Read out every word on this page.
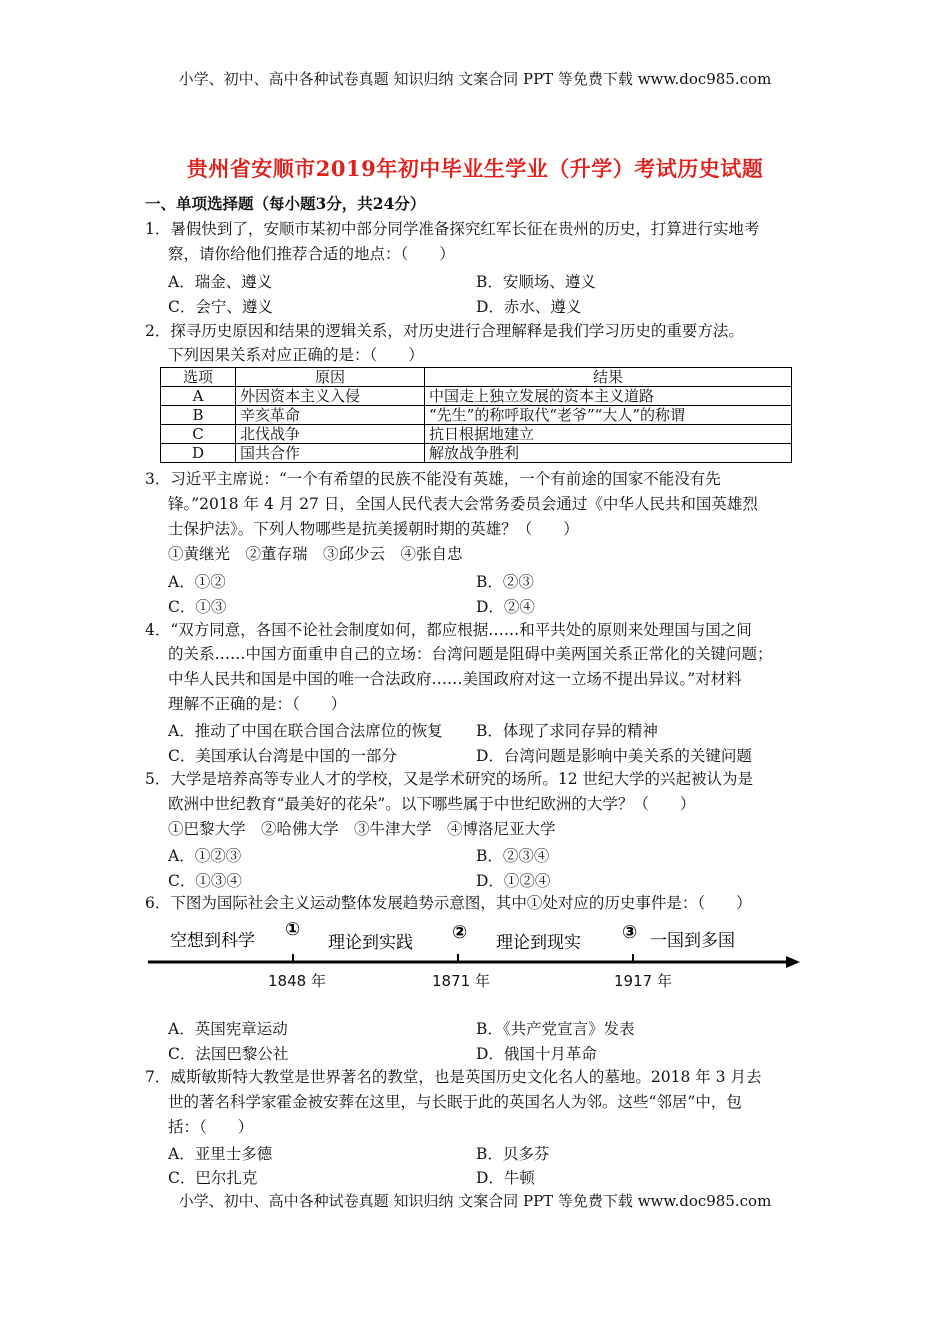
小学、初中、高中各种试卷真题 知识归纳 文案合同 PPT 等免费下载 www.doc985.com
贵州省安顺市2019年初中毕业生学业（升学）考试历史试题
一、单项选择题（每小题3分，共24分）
1．暑假快到了，安顺市某初中部分同学准备探究红军长征在贵州的历史，打算进行实地考
察，请你给他们推荐合适的地点：（　　）
A．瑞金、遵义	B．安顺场、遵义
C．会宁、遵义	D．赤水、遵义
2．探寻历史原因和结果的逻辑关系，对历史进行合理解释是我们学习历史的重要方法。
下列因果关系对应正确的是：（　　）
选项	原因	结果
A	外因资本主义入侵	中国走上独立发展的资本主义道路
B	辛亥革命	“先生”的称呼取代“老爷”“大人”的称谓
C	北伐战争	抗日根据地建立
D	国共合作	解放战争胜利
3．习近平主席说：“一个有希望的民族不能没有英雄，一个有前途的国家不能没有先
锋。”2018 年 4 月 27 日，全国人民代表大会常务委员会通过《中华人民共和国英雄烈
士保护法》。下列人物哪些是抗美援朝时期的英雄？（　　）
①黄继光　②董存瑞　③邱少云　④张自忠
A．①②	B．②③
C．①③	D．②④
4．“双方同意，各国不论社会制度如何，都应根据……和平共处的原则来处理国与国之间
的关系……中国方面重申自己的立场：台湾问题是阻碍中美两国关系正常化的关键问题；
中华人民共和国是中国的唯一合法政府……美国政府对这一立场不提出异议。”对材料
理解不正确的是：（　　）
A．推动了中国在联合国合法席位的恢复 B．体现了求同存异的精神
C．美国承认台湾是中国的一部分	D．台湾问题是影响中美关系的关键问题
5．大学是培养高等专业人才的学校，又是学术研究的场所。12 世纪大学的兴起被认为是
欧洲中世纪教育“最美好的花朵”。以下哪些属于中世纪欧洲的大学？（　　）
①巴黎大学　②哈佛大学　③牛津大学　④博洛尼亚大学
A．①②③	B．②③④
C．①③④	D．①②④
6．下图为国际社会主义运动整体发展趋势示意图，其中①处对应的历史事件是：（　　）
空想到科学	理论到实践	理论到现实	一国到多国
①	②	③
1848 年	1871 年	1917 年
A．英国宪章运动	B．《共产党宣言》发表
C．法国巴黎公社	D．俄国十月革命
7．威斯敏斯特大教堂是世界著名的教堂，也是英国历史文化名人的墓地。2018 年 3 月去
世的著名科学家霍金被安葬在这里，与长眠于此的英国名人为邻。这些“邻居”中，包
括：（　　）
A．亚里士多德	B．贝多芬
C．巴尔扎克	D．牛顿
小学、初中、高中各种试卷真题 知识归纳 文案合同 PPT 等免费下载 www.doc985.com
